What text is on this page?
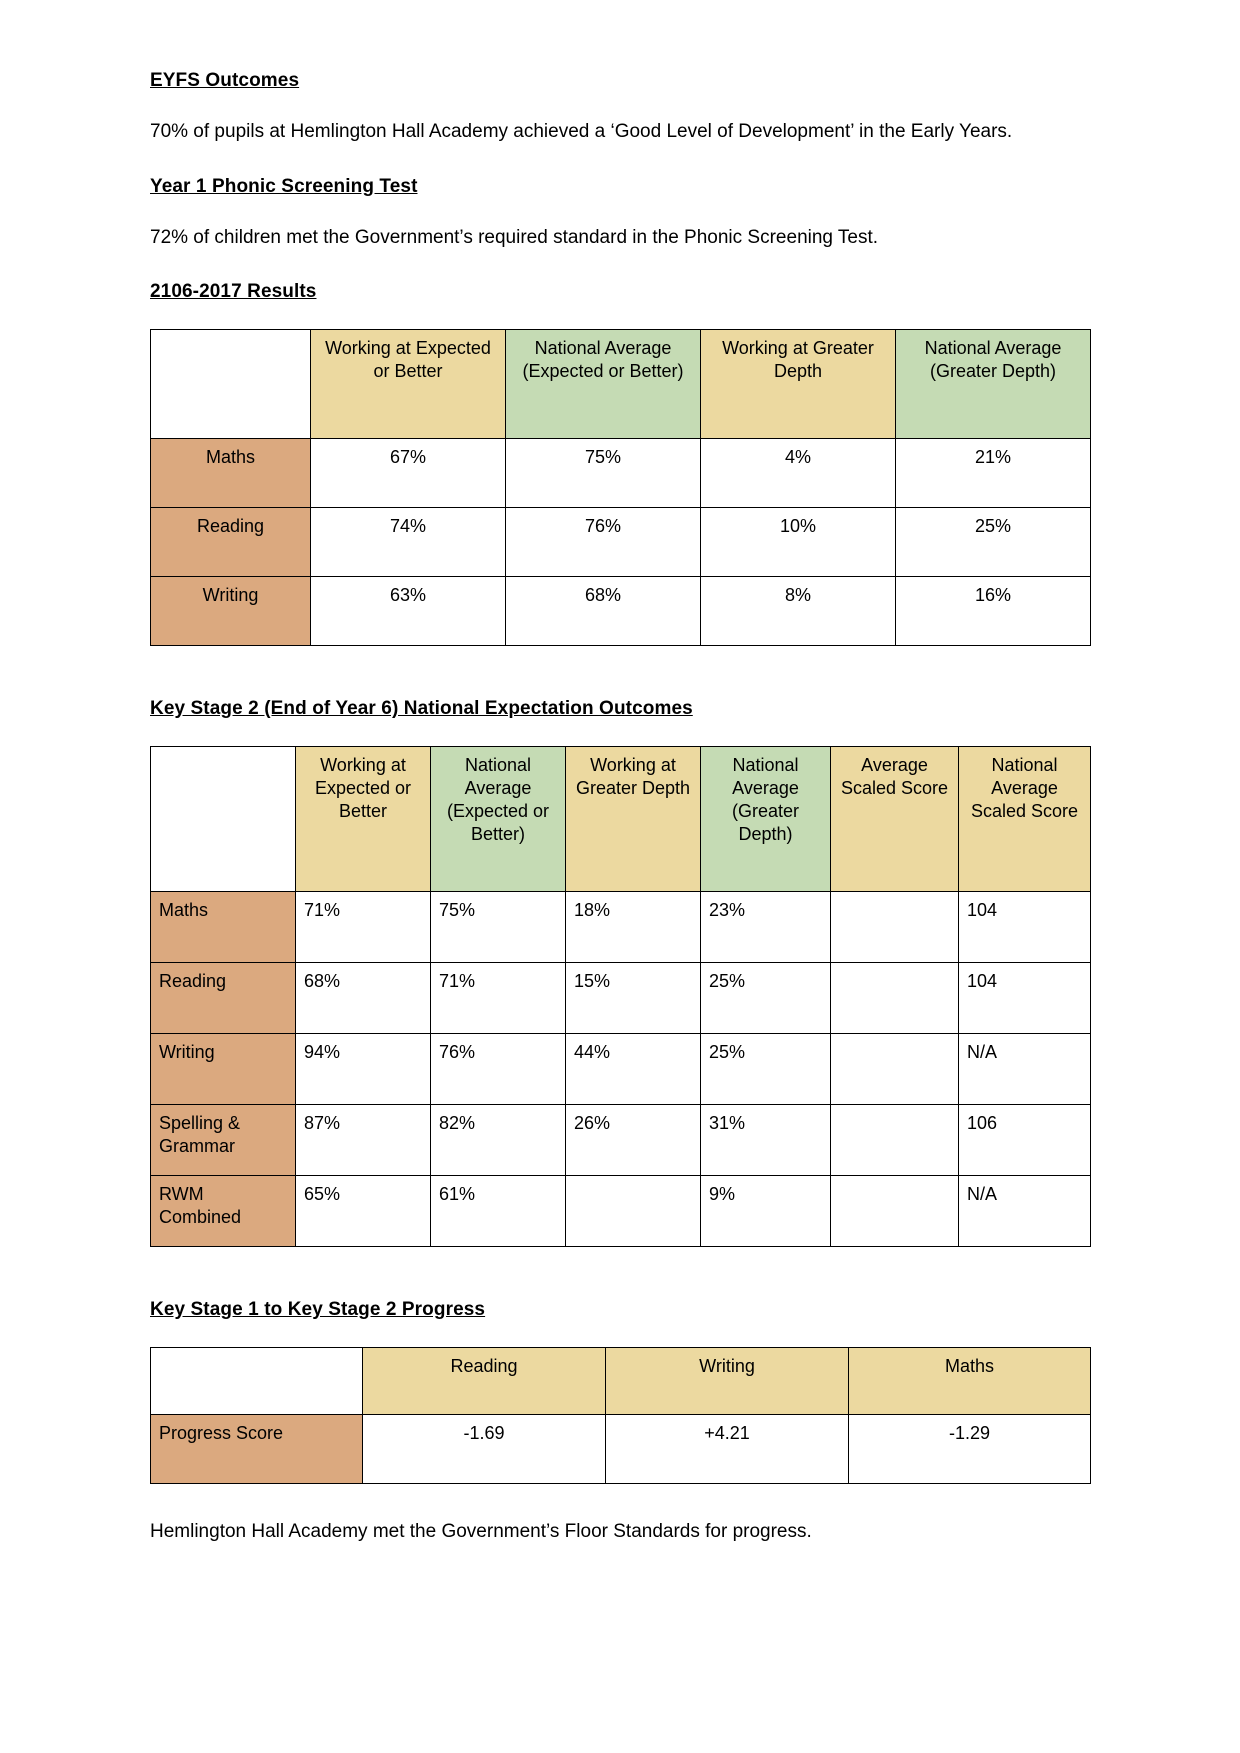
EYFS Outcomes

70% of pupils at Hemlington Hall Academy achieved a ‘Good Level of Development’ in the Early Years.

Year 1 Phonic Screening Test

72% of children met the Government’s required standard in the Phonic Screening Test.

2106-2017 Results
	Working at Expected or Better	National Average (Expected or Better)	Working at Greater Depth	National Average (Greater Depth)
Maths	67%	75%	4%	21%
Reading	74%	76%	10%	25%
Writing	63%	68%	8%	16%
Key Stage 2 (End of Year 6) National Expectation Outcomes
	Working at Expected or Better	National Average (Expected or Better)	Working at Greater Depth	National Average (Greater Depth)	Average Scaled Score	National Average Scaled Score
Maths	71%	75%	18%	23%		104
Reading	68%	71%	15%	25%		104
Writing	94%	76%	44%	25%		N/A
Spelling & Grammar	87%	82%	26%	31%		106
RWM Combined	65%	61%		9%		N/A
Key Stage 1 to Key Stage 2 Progress
	Reading	Writing	Maths
Progress Score	-1.69	+4.21	-1.29

Hemlington Hall Academy met the Government’s Floor Standards for progress.
